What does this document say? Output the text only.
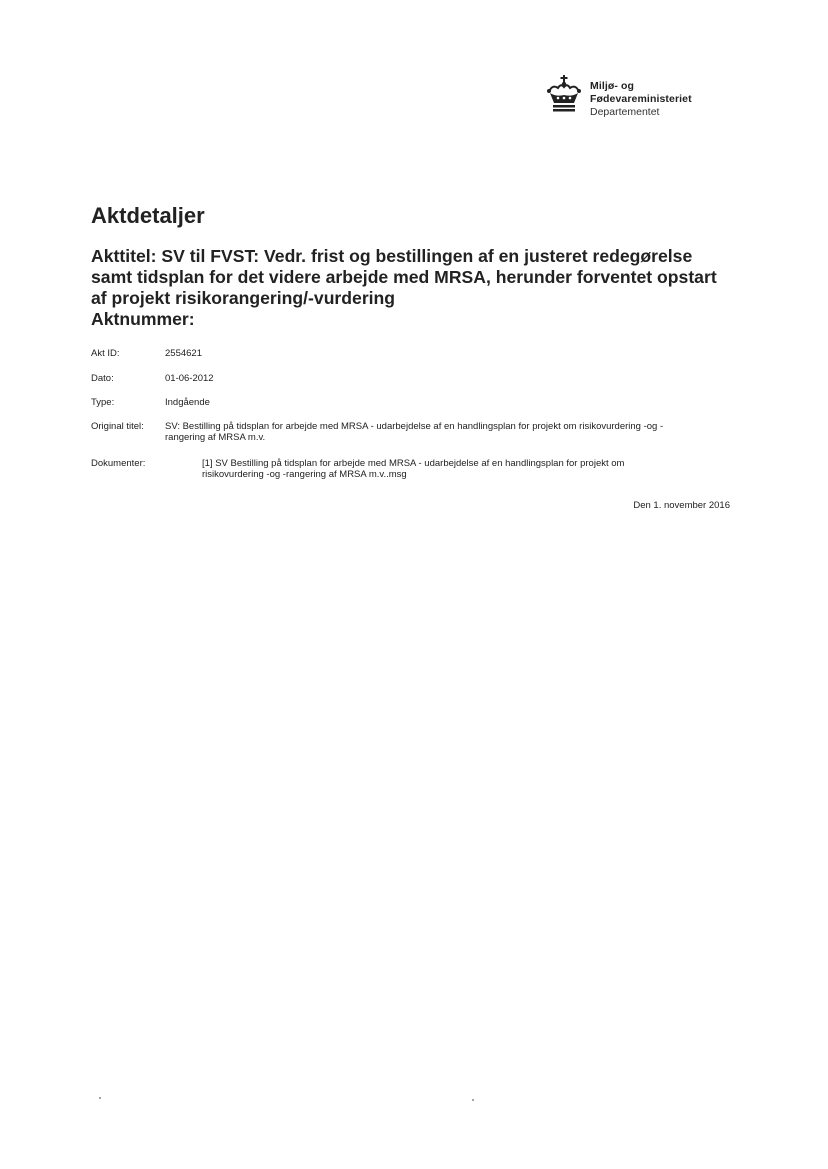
Miljø- og
Fødevareministeriet
Departementet
Aktdetaljer
Akttitel: SV til FVST: Vedr. frist og bestillingen af en justeret redegørelse
samt tidsplan for det videre arbejde med MRSA, herunder forventet opstart
af projekt risikorangering/-vurdering
Aktnummer:
Akt ID:	2554621
Dato:	01-06-2012
Type:	Indgående
Original titel: SV: Bestilling på tidsplan for arbejde med MRSA - udarbejdelse af en handlingsplan for projekt om risikovurdering -og -
rangering af MRSA m.v.
Dokumenter:	[1] SV Bestilling på tidsplan for arbejde med MRSA - udarbejdelse af en handlingsplan for projekt om
risikovurdering -og -rangering af MRSA m.v..msg
Den 1. november 2016
